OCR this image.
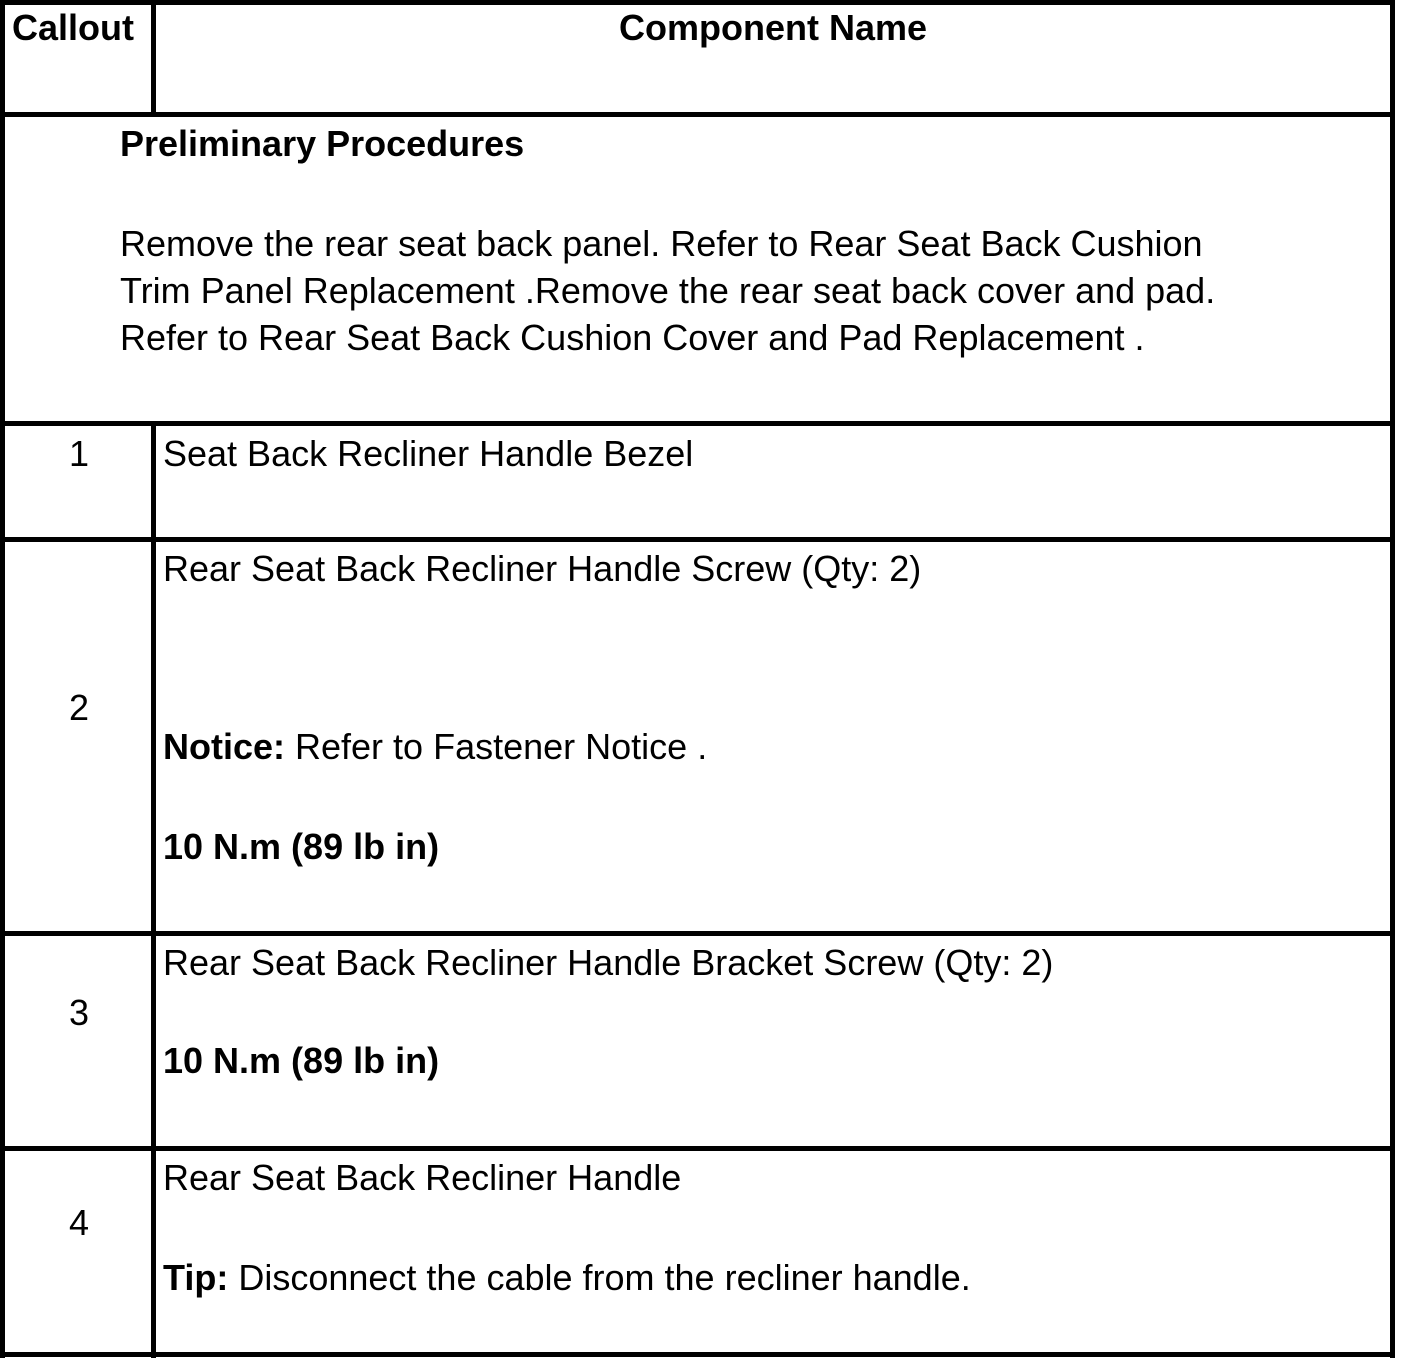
Callout	Component Name
Preliminary Procedures
Remove the rear seat back panel. Refer to Rear Seat Back Cushion
Trim Panel Replacement .Remove the rear seat back cover and pad.
Refer to Rear Seat Back Cushion Cover and Pad Replacement .
1	Seat Back Recliner Handle Bezel
2
Rear Seat Back Recliner Handle Screw (Qty: 2)
Notice: Refer to Fastener Notice .
10 N.m (89 lb in)
3
Rear Seat Back Recliner Handle Bracket Screw (Qty: 2)
10 N.m (89 lb in)
4
Rear Seat Back Recliner Handle
Tip: Disconnect the cable from the recliner handle.
